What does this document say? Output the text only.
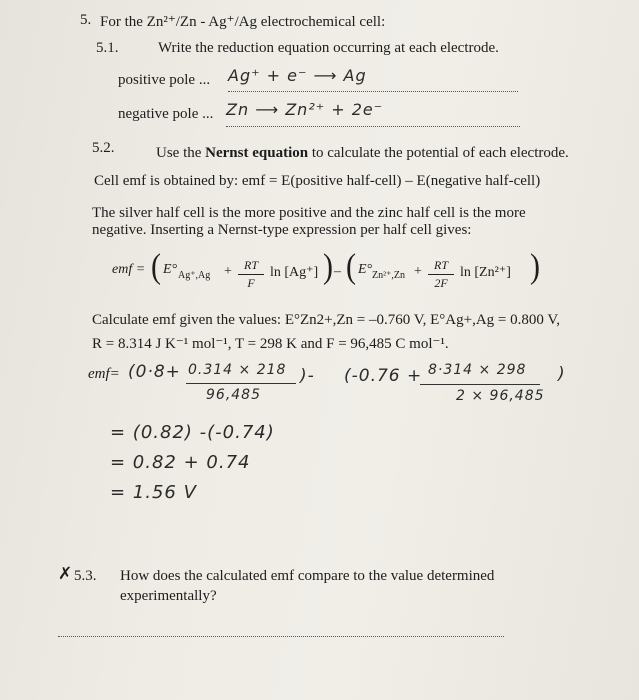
5. For the Zn²⁺/Zn - Ag⁺/Ag electrochemical cell:
5.1.	Write the reduction equation occurring at each electrode.
positive pole ... Ag⁺ + e⁻ ⟶ Ag
negative pole ... Zn ⟶ Zn²⁺ + 2e⁻
5.2.	Use the Nernst equation to calculate the potential of each electrode.
Cell emf is obtained by: emf = E(positive half-cell) – E(negative half-cell)
The silver half cell is the more positive and the zinc half cell is the more
negative. Inserting a Nernst-type expression per half cell gives:
emf = ( E° Ag⁺,Ag +	RT
F
ln [Ag⁺] ) – ( E° Zn²⁺,Zn +	RT
2F
ln [Zn²⁺] )
Calculate emf given the values: E°Zn2+,Zn = –0.760 V, E°Ag+,Ag = 0.800 V,
R = 8.314 J K⁻¹ mol⁻¹, T = 298 K and F = 96,485 C mol⁻¹.
emf= (0·8+ 0.314 × 218
96,485
)- (-0.76 + 8·314 × 298
2 × 96,485
)
= (0.82) -(-0.74)
= 0.82 + 0.74
= 1.56 V
✗ 5.3. How does the calculated emf compare to the value determined
experimentally?
